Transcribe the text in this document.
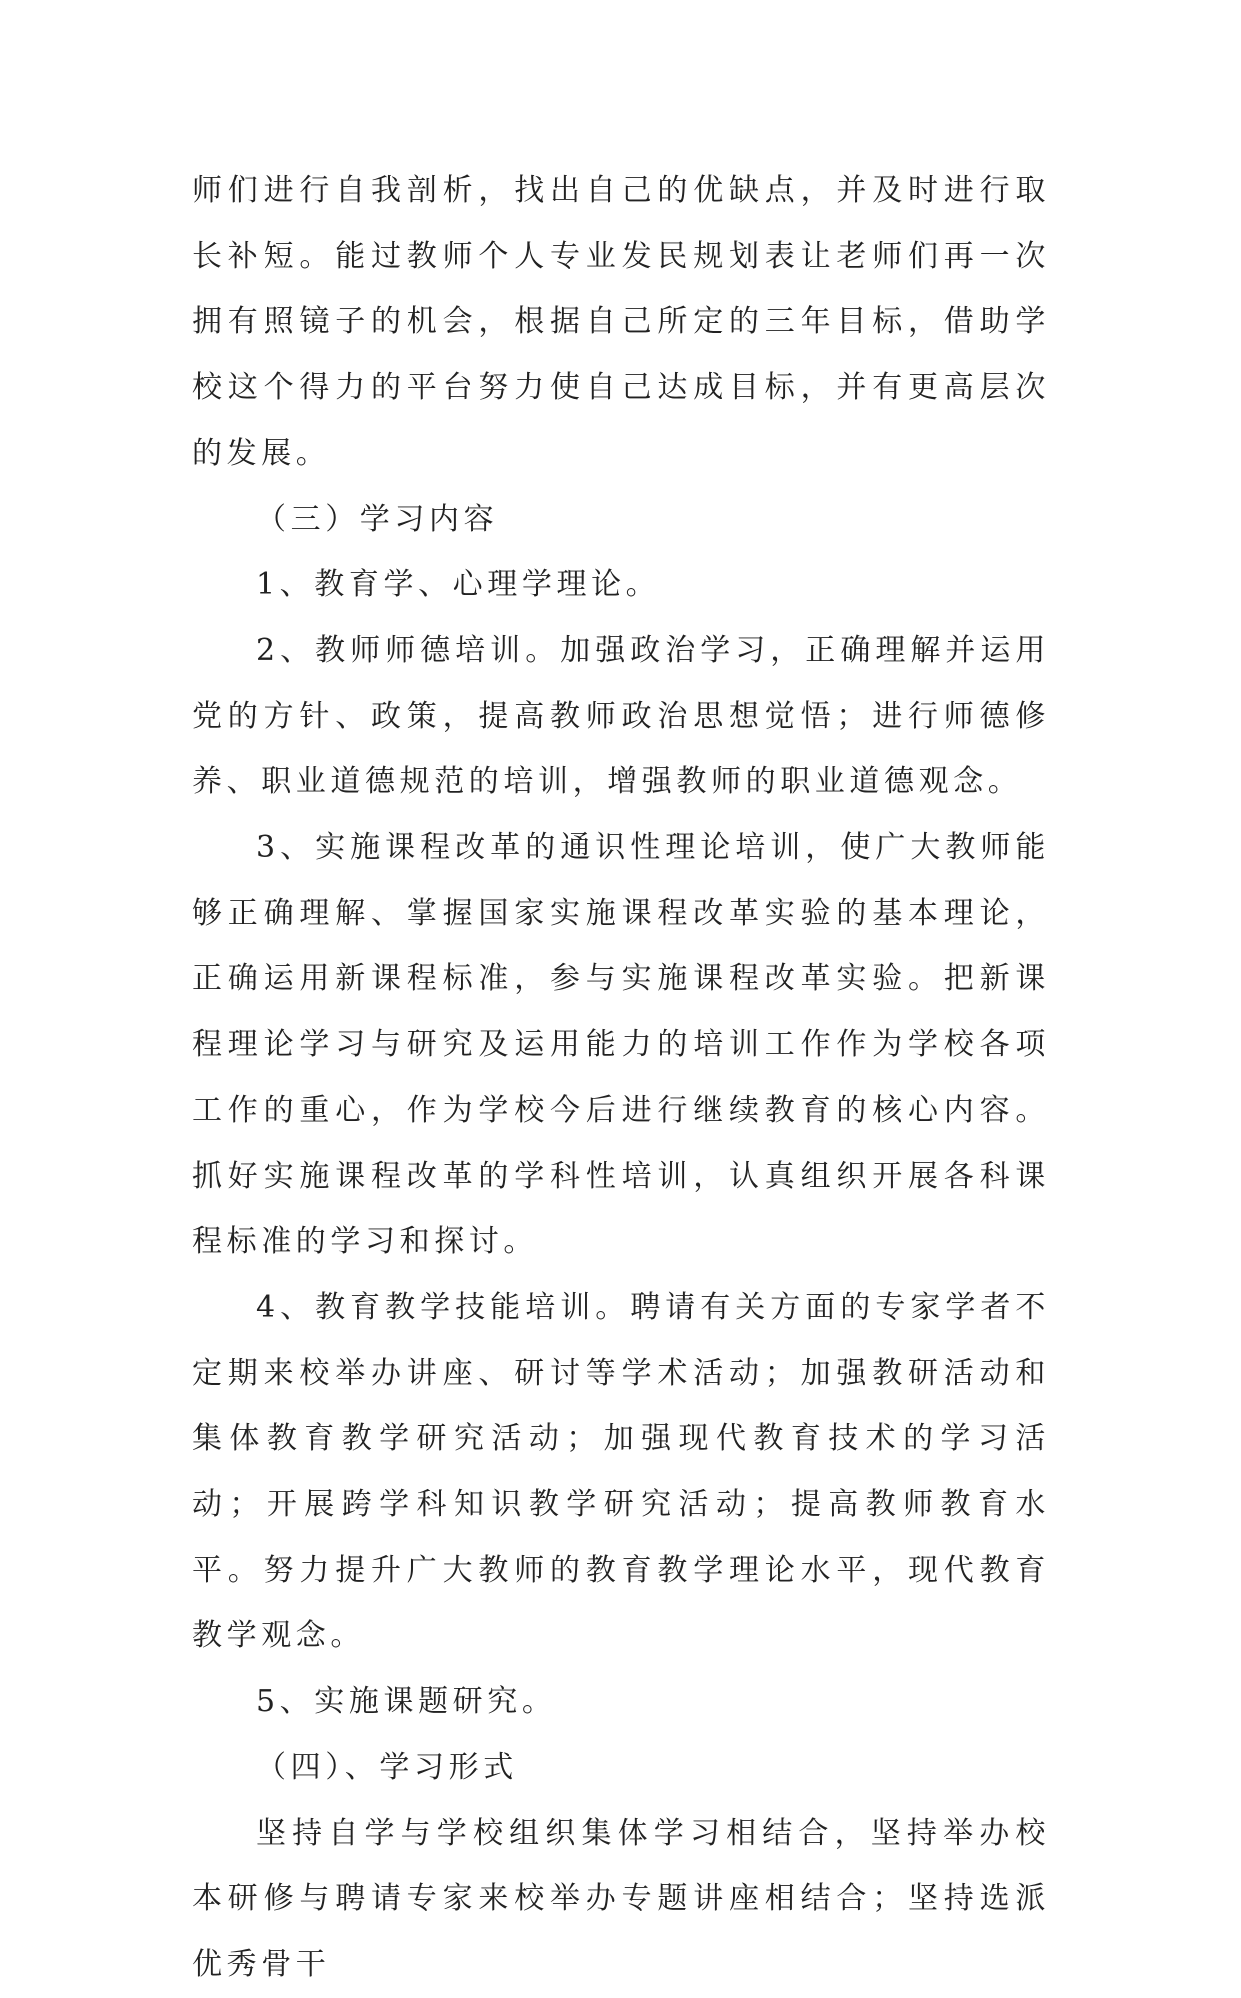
师们进行自我剖析，找出自己的优缺点，并及时进行取长补短。能过教师个人专业发民规划表让老师们再一次拥有照镜子的机会，根据自己所定的三年目标，借助学校这个得力的平台努力使自己达成目标，并有更高层次的发展。

（三）学习内容

1、教育学、心理学理论。

2、教师师德培训。加强政治学习，正确理解并运用党的方针、政策，提高教师政治思想觉悟；进行师德修养、职业道德规范的培训，增强教师的职业道德观念。

3、实施课程改革的通识性理论培训，使广大教师能够正确理解、掌握国家实施课程改革实验的基本理论，正确运用新课程标准，参与实施课程改革实验。把新课程理论学习与研究及运用能力的培训工作作为学校各项工作的重心，作为学校今后进行继续教育的核心内容。抓好实施课程改革的学科性培训，认真组织开展各科课程标准的学习和探讨。

4、教育教学技能培训。聘请有关方面的专家学者不定期来校举办讲座、研讨等学术活动；加强教研活动和集体教育教学研究活动；加强现代教育技术的学习活动；开展跨学科知识教学研究活动；提高教师教育水平。努力提升广大教师的教育教学理论水平，现代教育教学观念。

5、实施课题研究。

（四）、学习形式

坚持自学与学校组织集体学习相结合，坚持举办校本研修与聘请专家来校举办专题讲座相结合；坚持选派优秀骨干
